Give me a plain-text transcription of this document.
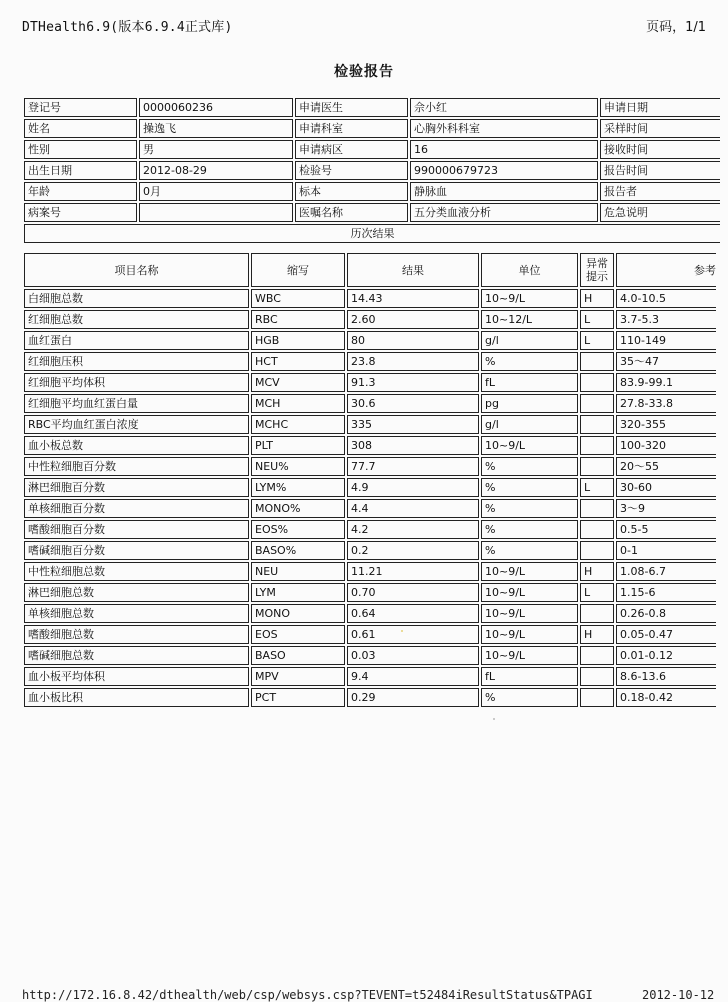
DTHealth6.9(版本6.9.4正式库)	页码，1/1
检验报告
登记号	0000060236	申请医生	佘小红	申请日期
姓名	操逸飞	申请科室	心胸外科科室	采样时间
性别	男	申请病区	16	接收时间
出生日期	2012-08-29	检验号	990000679723	报告时间
年龄	0月	标本	静脉血	报告者
病案号		医嘱名称	五分类血液分析	危急说明
历次结果				
项目名称	缩写	结果	单位	异常提示	参考
白细胞总数	WBC	14.43	10~9/L	H	4.0-10.5
红细胞总数	RBC	2.60	10~12/L	L	3.7-5.3
血红蛋白	HGB	80	g/l	L	110-149
红细胞压积	HCT	23.8	%		35～47
红细胞平均体积	MCV	91.3	fL		83.9-99.1
红细胞平均血红蛋白量	MCH	30.6	pg		27.8-33.8
RBC平均血红蛋白浓度	MCHC	335	g/l		320-355
血小板总数	PLT	308	10~9/L		100-320
中性粒细胞百分数	NEU%	77.7	%		20～55
淋巴细胞百分数	LYM%	4.9	%	L	30-60
单核细胞百分数	MONO%	4.4	%		3～9
嗜酸细胞百分数	EOS%	4.2	%		0.5-5
嗜碱细胞百分数	BASO%	0.2	%		0-1
中性粒细胞总数	NEU	11.21	10~9/L	H	1.08-6.7
淋巴细胞总数	LYM	0.70	10~9/L	L	1.15-6
单核细胞总数	MONO	0.64	10~9/L		0.26-0.8
嗜酸细胞总数	EOS	0.61	10~9/L	H	0.05-0.47
嗜碱细胞总数	BASO	0.03	10~9/L		0.01-0.12
血小板平均体积	MPV	9.4	fL		8.6-13.6
血小板比积	PCT	0.29	%		0.18-0.42
http://172.16.8.42/dthealth/web/csp/websys.csp?TEVENT=t52484iResultStatus&TPAGI	2012-10-12
